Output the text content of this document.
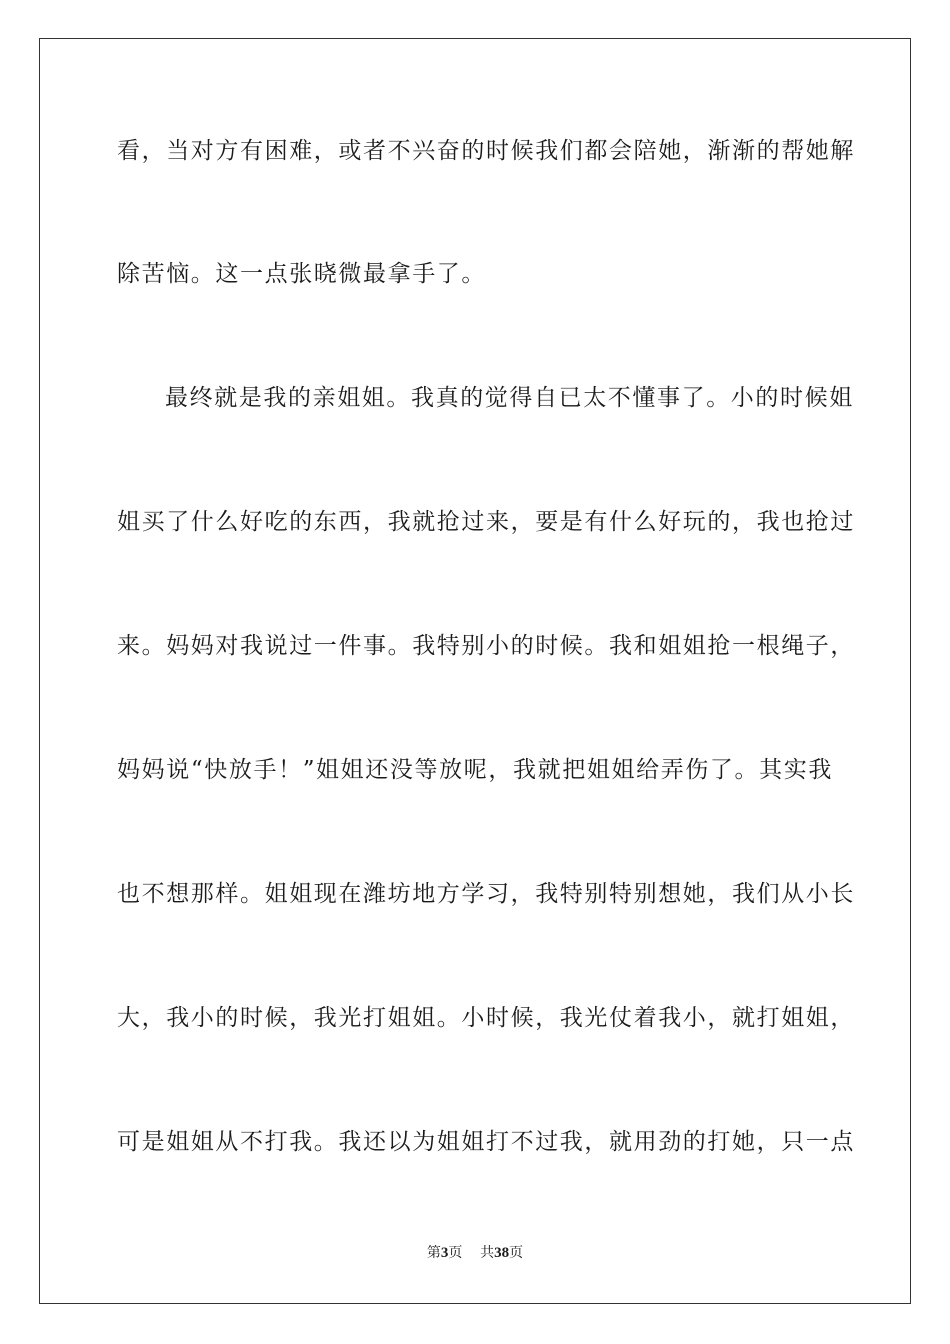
看，当对方有困难，或者不兴奋的时候我们都会陪她，渐渐的帮她解
除苦恼。这一点张晓微最拿手了。
最终就是我的亲姐姐。我真的觉得自已太不懂事了。小的时候姐
姐买了什么好吃的东西，我就抢过来，要是有什么好玩的，我也抢过
来。妈妈对我说过一件事。我特别小的时候。我和姐姐抢一根绳子，
妈妈说“快放手！”姐姐还没等放呢，我就把姐姐给弄伤了。其实我
也不想那样。姐姐现在潍坊地方学习，我特别特别想她，我们从小长
大，我小的时候，我光打姐姐。小时候，我光仗着我小，就打姐姐，
可是姐姐从不打我。我还以为姐姐打不过我，就用劲的打她，只一点
第3页 共38页
